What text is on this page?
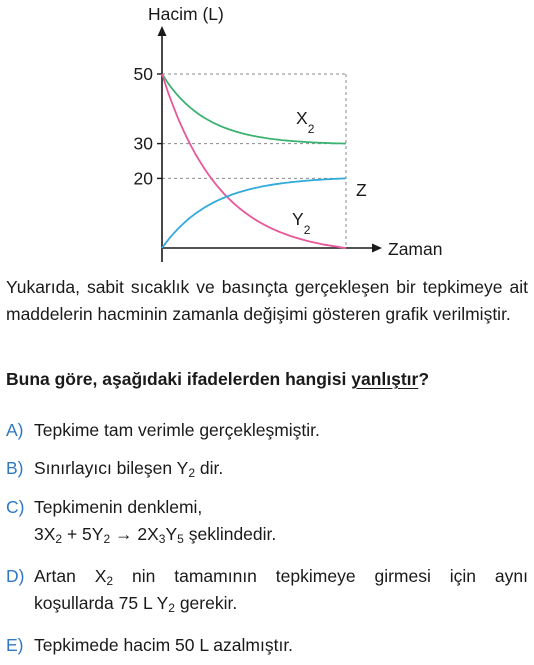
Hacim (L)
Zaman
50
30
20
$X_2$
$Y_2$
Z
Yukarıda, sabit sıcaklık ve basınçta gerçekleşen bir tepkimeye ait maddelerin hacminin zamanla değişimi gösteren grafik verilmiştir.
Buna göre, aşağıdaki ifadelerden hangisi yanlıştır?
A) Tepkime tam verimle gerçekleşmiştir.
B) Sınırlayıcı bileşen $Y_2$ dir.
C) Tepkimenin denklemi,
$3X_2 + 5Y_2 \to 2X_3Y_5$ şeklindedir.
D) Artan $X_2$ nin tamamının tepkimeye girmesi için aynı
koşullarda 75 L $Y_2$ gerekir.
E) Tepkimede hacim 50 L azalmıştır.
